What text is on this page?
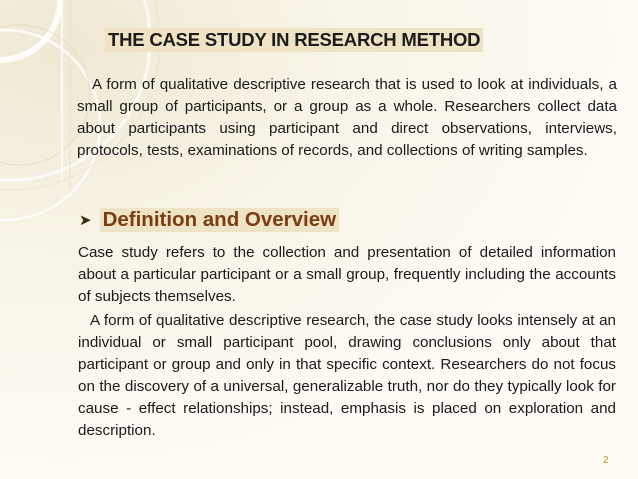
THE CASE STUDY IN RESEARCH METHOD

A form of qualitative descriptive research that is used to look at individuals, a small group of participants, or a group as a whole. Researchers collect data about participants using participant and direct observations, interviews, protocols, tests, examinations of records, and collections of writing samples.

➤ Definition and Overview

Case study refers to the collection and presentation of detailed information about a particular participant or a small group, frequently including the accounts of subjects themselves.

A form of qualitative descriptive research, the case study looks intensely at an individual or small participant pool, drawing conclusions only about that participant or group and only in that specific context. Researchers do not focus on the discovery of a universal, generalizable truth, nor do they typically look for cause - effect relationships; instead, emphasis is placed on exploration and description.

2
